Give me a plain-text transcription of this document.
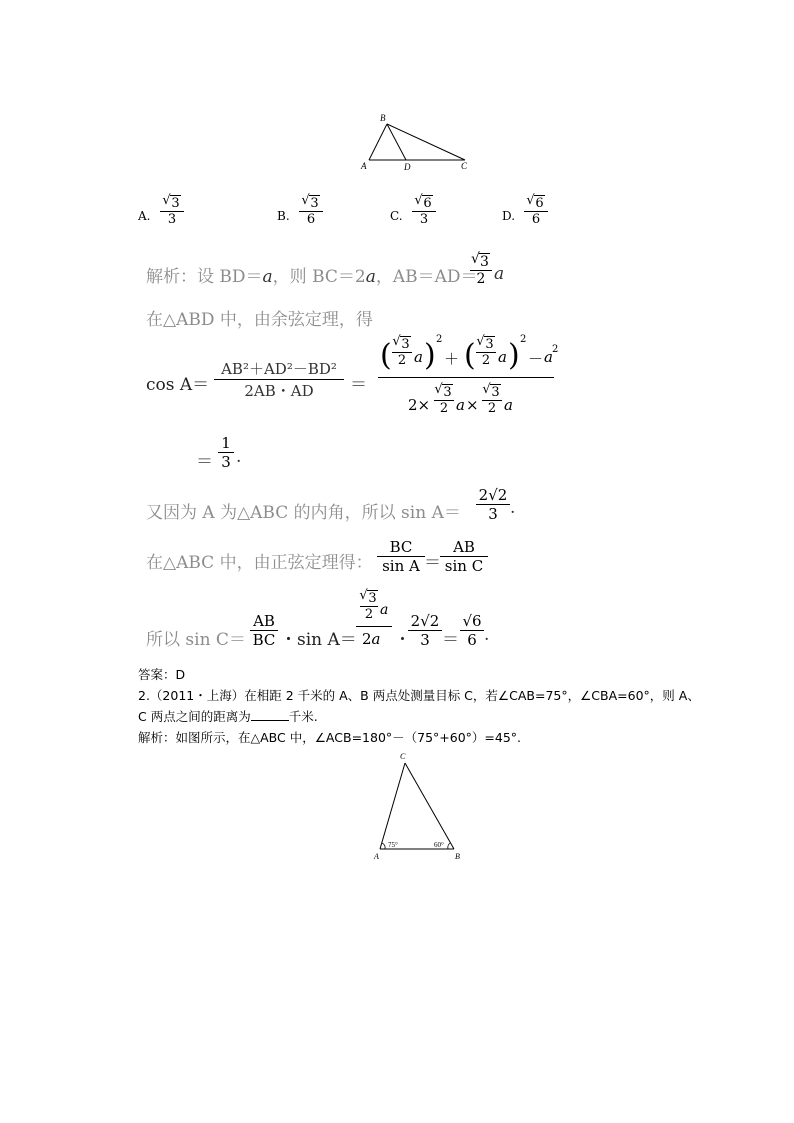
B
A	D	C
A. √ $\frac{3}{3}$	B. √ $\frac{3}{6}$	C. √ $\frac{6}{3}$	D. √ $\frac{6}{6}$
解析：设 BD＝a，则 BC＝2a，AB＝AD＝
√ $\frac{3}{2}$ a
在△ABD 中，由余弦定理，得
$\cos A= \frac{\text{AB²＋AD²－BD²}}{2AB・AD}$ ＝
( √ $\frac{3}{2}$ a ) 2
＋ ( √ $\frac{3}{2}$ a ) 2
－ a 2
2× √ $\frac{3}{2}$ a × √ $\frac{3}{2}$ a
＝ $\frac{1}{3}$ .
又因为 A 为△ABC 的内角，所以 $\sin A= \frac{2√2}{3}$ .
在△ABC 中，由正弦定理得： $\frac{BC}{\text{sin A}} = \frac{AB}{\text{sin C}}$
所以 $\sin C= \frac{AB}{BC}$ ・sin A＝
√ $\frac{3}{2}$ a
2a ・
$\frac{2√2}{3} = \frac{√6}{6}$ .
答案：D
2.（2011・上海）在相距 2 千米的 A、B 两点处测量目标 C，若∠CAB=75°，∠CBA=60°，则 A、
C 两点之间的距离为	千米.
解析：如图所示，在△ABC 中，∠ACB=180°－（75°+60°）=45°.
C
A	B
75°	60°
